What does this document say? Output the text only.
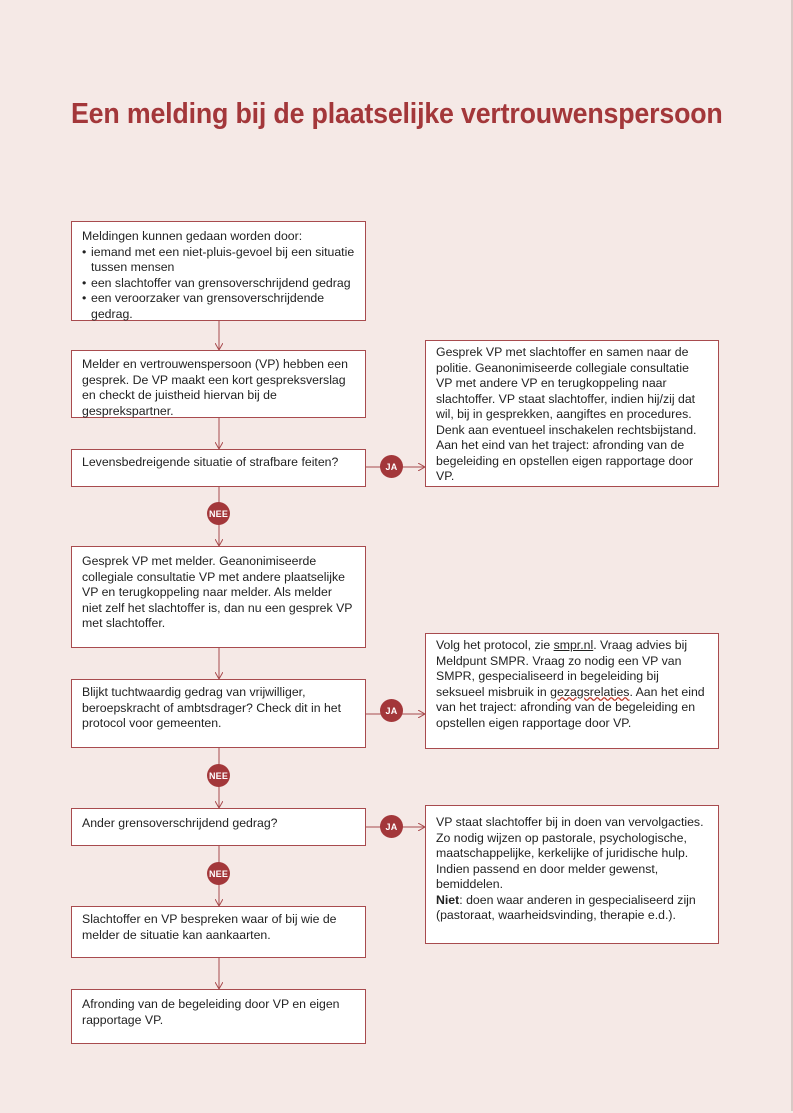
Een melding bij de plaatselijke vertrouwenspersoon
Meldingen kunnen gedaan worden door:
• iemand met een niet-pluis-gevoel bij een situatie tussen mensen
• een slachtoffer van grensoverschrijdend gedrag
• een veroorzaker van grensoverschrijdende gedrag.
Melder en vertrouwenspersoon (VP) hebben een gesprek. De VP maakt een kort gespreksverslag en checkt de juistheid hiervan bij de gesprekspartner.
Levensbedreigende situatie of strafbare feiten?
Gesprek VP met slachtoffer en samen naar de politie. Geanonimiseerde collegiale consultatie VP met andere VP en terugkoppeling naar slachtoffer. VP staat slachtoffer, indien hij/zij dat wil, bij in gesprekken, aangiftes en procedures. Denk aan eventueel inschakelen rechtsbijstand. Aan het eind van het traject: afronding van de begeleiding en opstellen eigen rapportage door VP.
JA
NEE
Gesprek VP met melder. Geanonimiseerde collegiale consultatie VP met andere plaatselijke VP en terugkoppeling naar melder. Als melder niet zelf het slachtoffer is, dan nu een gesprek VP met slachtoffer.
Blijkt tuchtwaardig gedrag van vrijwilliger, beroepskracht of ambtsdrager? Check dit in het protocol voor gemeenten.
Volg het protocol, zie smpr.nl. Vraag advies bij Meldpunt SMPR. Vraag zo nodig een VP van SMPR, gespecialiseerd in begeleiding bij seksueel misbruik in gezagsrelaties. Aan het eind van het traject: afronding van de begeleiding en opstellen eigen rapportage door VP.
JA
NEE
Ander grensoverschrijdend gedrag?	VP staat slachtoffer bij in doen van vervolgacties. Zo nodig wijzen op pastorale, psychologische, maatschappelijke, kerkelijke of juridische hulp. Indien passend en door melder gewenst, bemiddelen.
Niet: doen waar anderen in gespecialiseerd zijn (pastoraat, waarheidsvinding, therapie e.d.).
JA
NEE
Slachtoffer en VP bespreken waar of bij wie de melder de situatie kan aankaarten.
Afronding van de begeleiding door VP en eigen rapportage VP.
